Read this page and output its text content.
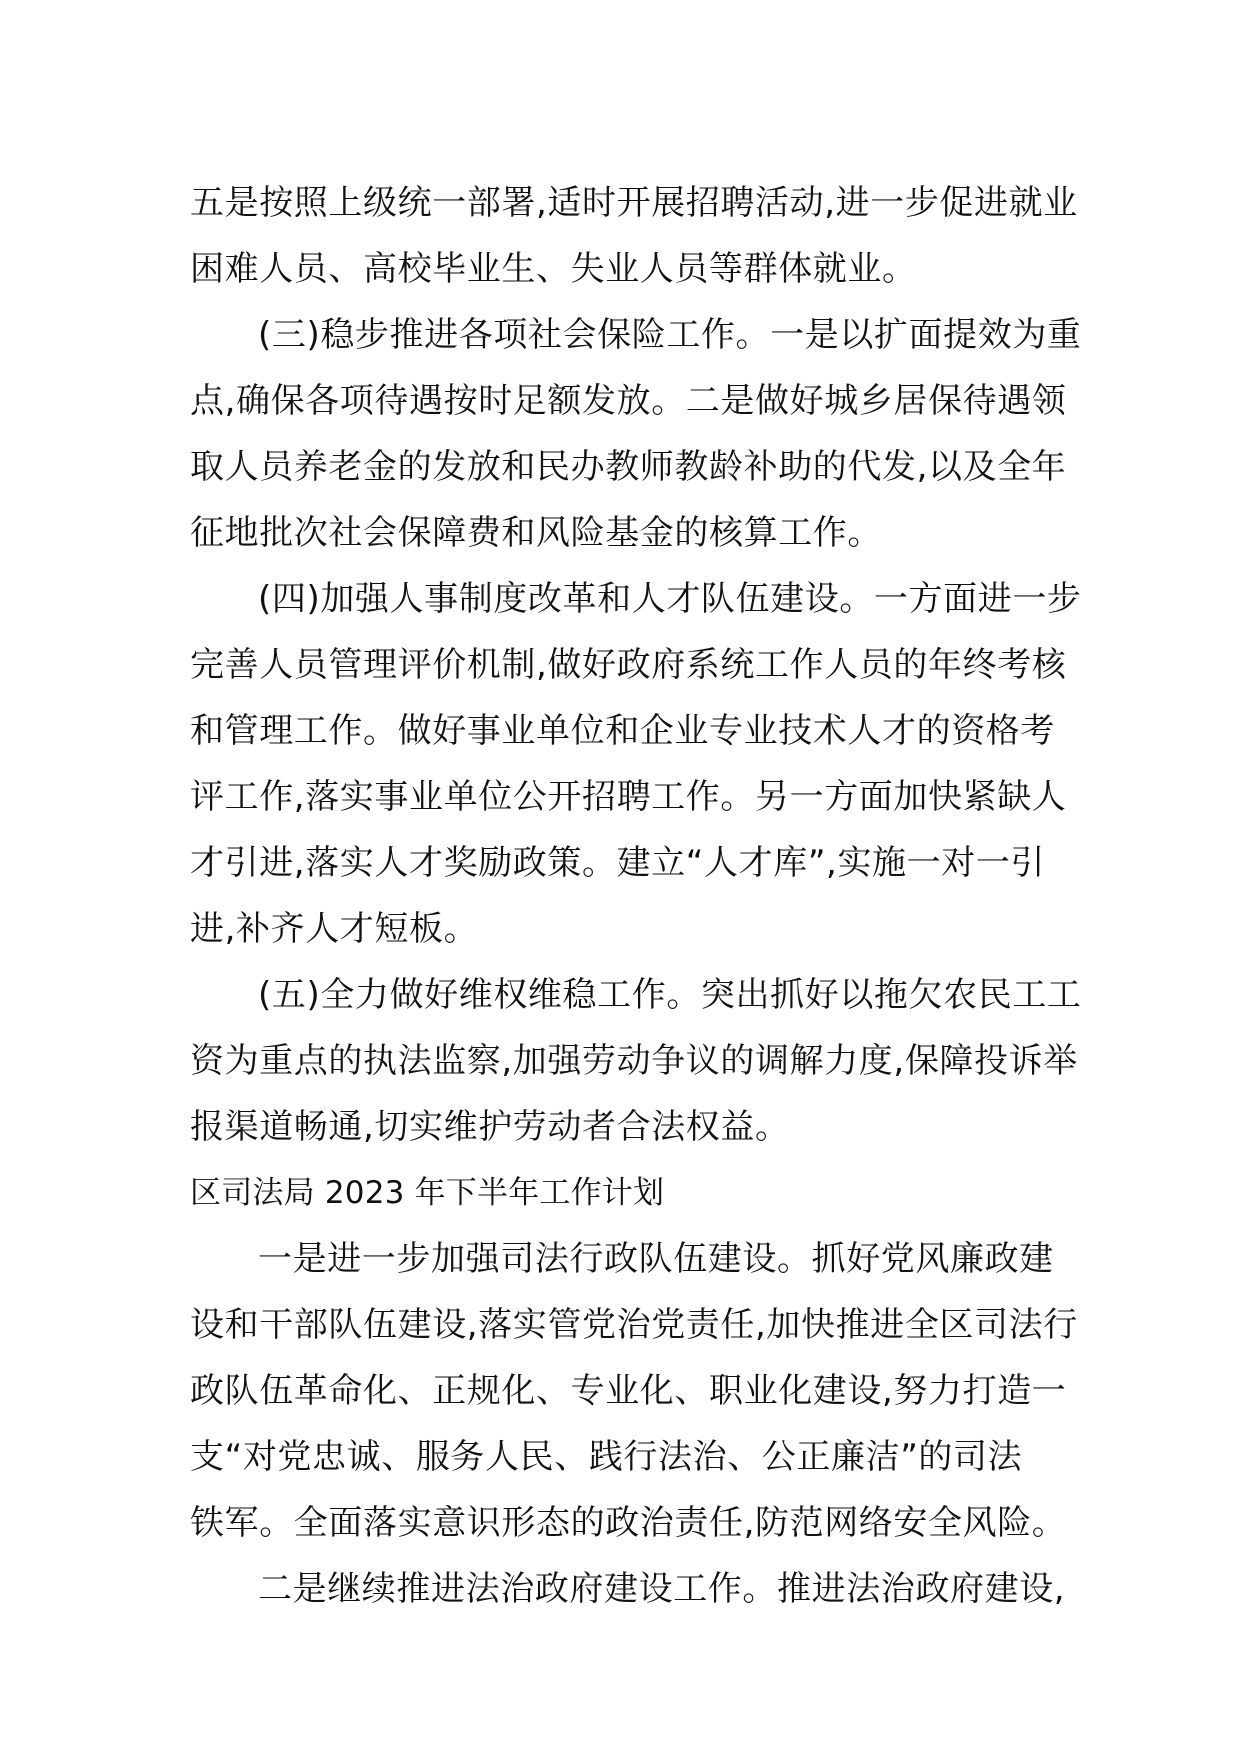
五是按照上级统一部署,适时开展招聘活动,进一步促进就业
困难人员、高校毕业生、失业人员等群体就业。
(三)稳步推进各项社会保险工作。一是以扩面提效为重
点,确保各项待遇按时足额发放。二是做好城乡居保待遇领
取人员养老金的发放和民办教师教龄补助的代发,以及全年
征地批次社会保障费和风险基金的核算工作。
(四)加强人事制度改革和人才队伍建设。一方面进一步
完善人员管理评价机制,做好政府系统工作人员的年终考核
和管理工作。做好事业单位和企业专业技术人才的资格考
评工作,落实事业单位公开招聘工作。另一方面加快紧缺人
才引进,落实人才奖励政策。建立“人才库”,实施一对一引
进,补齐人才短板。
(五)全力做好维权维稳工作。突出抓好以拖欠农民工工
资为重点的执法监察,加强劳动争议的调解力度,保障投诉举
报渠道畅通,切实维护劳动者合法权益。
区司法局 2023 年下半年工作计划
一是进一步加强司法行政队伍建设。抓好党风廉政建
设和干部队伍建设,落实管党治党责任,加快推进全区司法行
政队伍革命化、正规化、专业化、职业化建设,努力打造一
支“对党忠诚、服务人民、践行法治、公正廉洁”的司法
铁军。全面落实意识形态的政治责任,防范网络安全风险。
二是继续推进法治政府建设工作。推进法治政府建设,
